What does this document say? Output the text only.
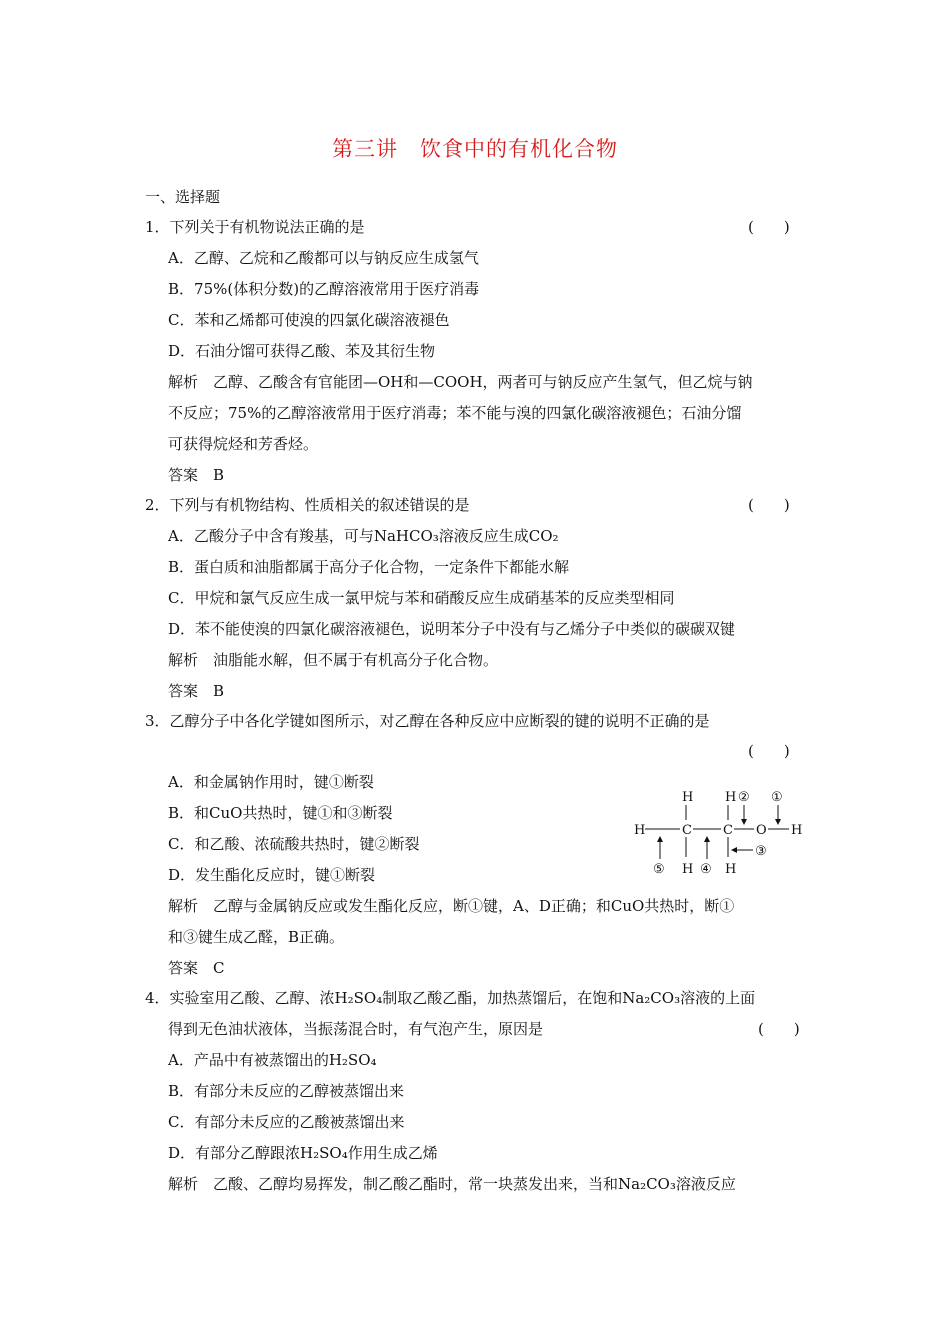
第三讲　饮食中的有机化合物
一、选择题
1．下列关于有机物说法正确的是	(　　)
A．乙醇、乙烷和乙酸都可以与钠反应生成氢气
B．75%(体积分数)的乙醇溶液常用于医疗消毒
C．苯和乙烯都可使溴的四氯化碳溶液褪色
D．石油分馏可获得乙酸、苯及其衍生物
解析　乙醇、乙酸含有官能团—OH和—COOH，两者可与钠反应产生氢气，但乙烷与钠
不反应；75%的乙醇溶液常用于医疗消毒；苯不能与溴的四氯化碳溶液褪色；石油分馏
可获得烷烃和芳香烃。
答案　B
2．下列与有机物结构、性质相关的叙述错误的是	(　　)
A．乙酸分子中含有羧基，可与NaHCO₃溶液反应生成CO₂
B．蛋白质和油脂都属于高分子化合物，一定条件下都能水解
C．甲烷和氯气反应生成一氯甲烷与苯和硝酸反应生成硝基苯的反应类型相同
D．苯不能使溴的四氯化碳溶液褪色，说明苯分子中没有与乙烯分子中类似的碳碳双键
解析　油脂能水解，但不属于有机高分子化合物。
答案　B
3．乙醇分子中各化学键如图所示，对乙醇在各种反应中应断裂的键的说明不正确的是
(　　)
A．和金属钠作用时，键①断裂
B．和CuO共热时，键①和③断裂
C．和乙酸、浓硫酸共热时，键②断裂
D．发生酯化反应时，键①断裂
H H
H	C C O H
H H
①
②
③
④
⑤
解析　乙醇与金属钠反应或发生酯化反应，断①键，A、D正确；和CuO共热时，断①
和③键生成乙醛，B正确。
答案　C
4．实验室用乙酸、乙醇、浓H₂SO₄制取乙酸乙酯，加热蒸馏后，在饱和Na₂CO₃溶液的上面
得到无色油状液体，当振荡混合时，有气泡产生，原因是	(　　)
A．产品中有被蒸馏出的H₂SO₄
B．有部分未反应的乙醇被蒸馏出来
C．有部分未反应的乙酸被蒸馏出来
D．有部分乙醇跟浓H₂SO₄作用生成乙烯
解析　乙酸、乙醇均易挥发，制乙酸乙酯时，常一块蒸发出来，当和Na₂CO₃溶液反应
